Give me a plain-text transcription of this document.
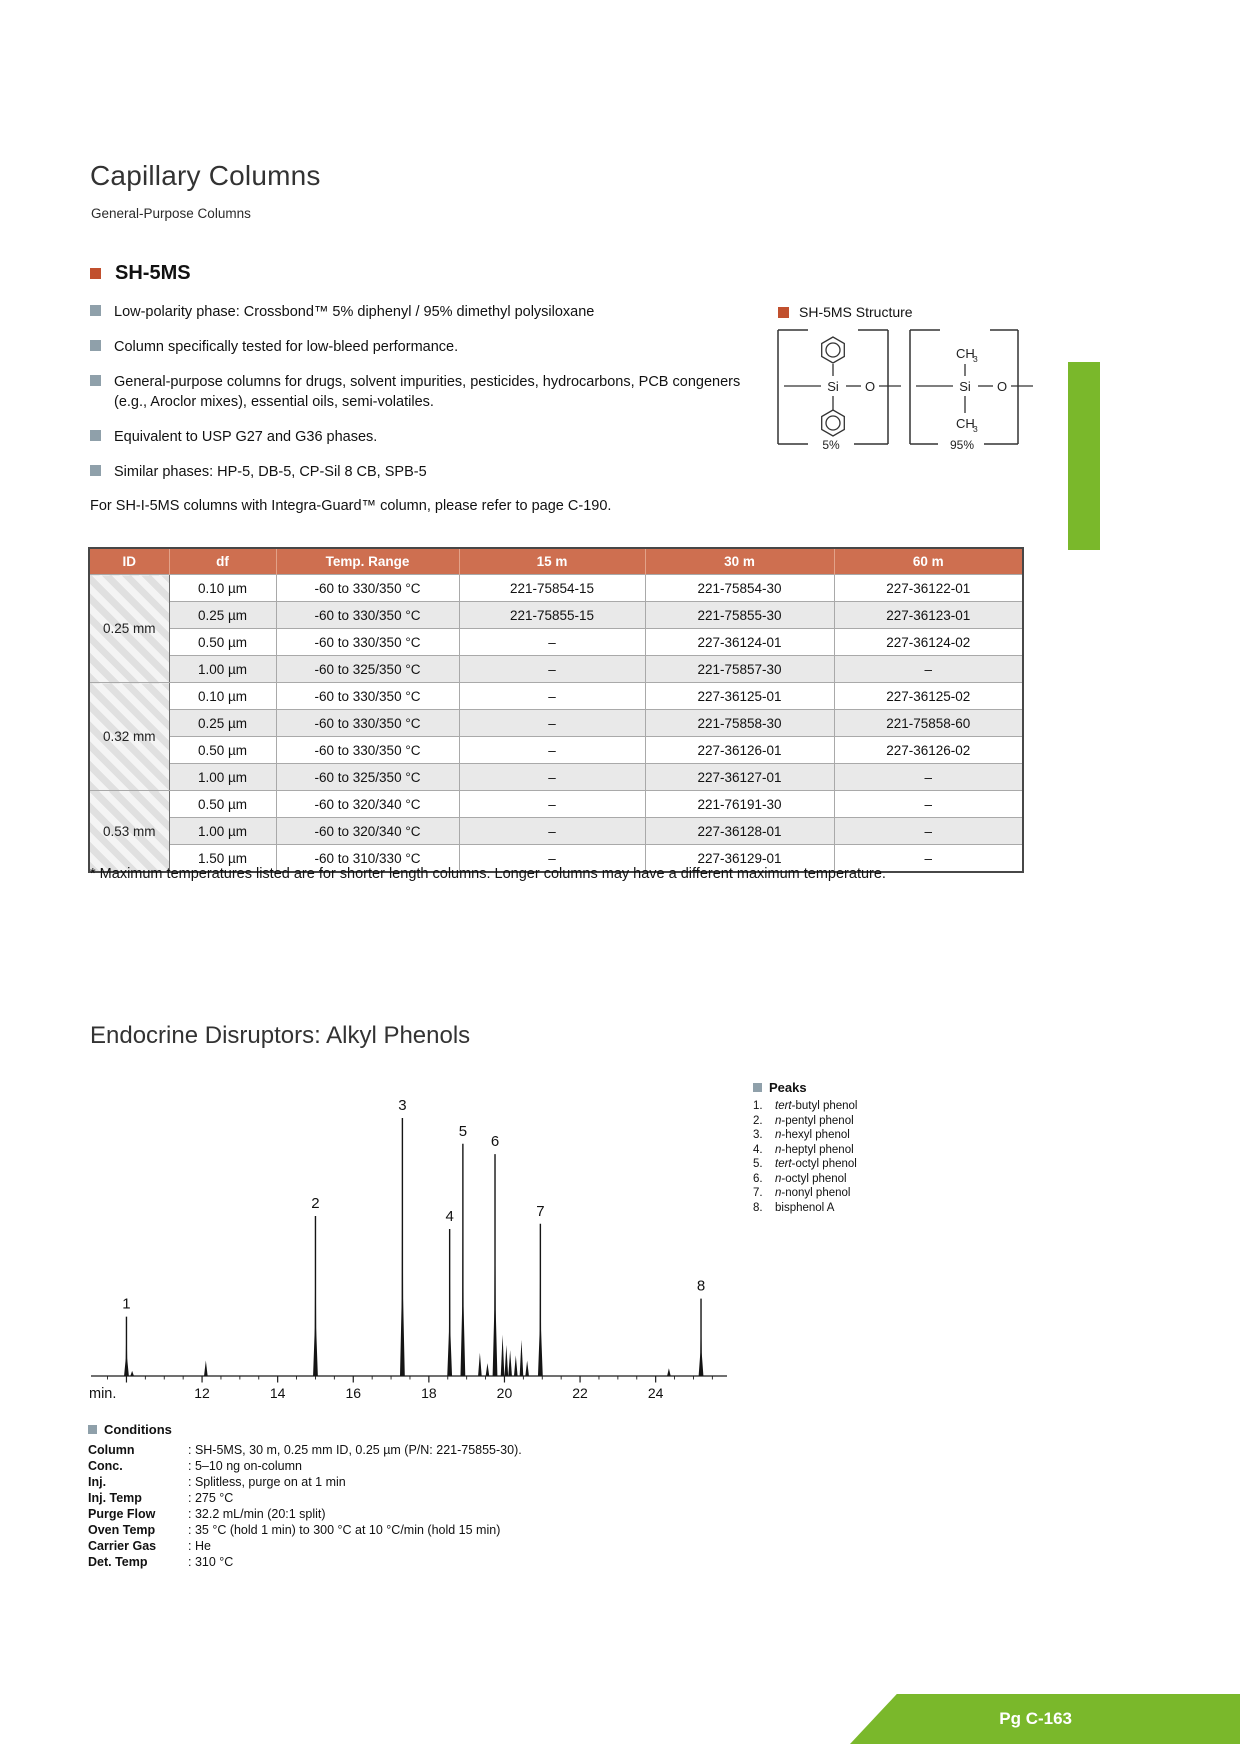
Capillary Columns
General-Purpose Columns
SH-5MS
Low-polarity phase: Crossbond™ 5% diphenyl / 95% dimethyl polysiloxane
Column specifically tested for low-bleed performance.
General-purpose columns for drugs, solvent impurities, pesticides, hydrocarbons, PCB congeners (e.g., Aroclor mixes), essential oils, semi-volatiles.
Equivalent to USP G27 and G36 phases.
Similar phases: HP-5, DB-5, CP-Sil 8 CB, SPB-5
For SH-I-5MS columns with Integra-Guard™ column, please refer to page C-190.
SH-5MS Structure
Si O
5%
CH
3
Si O
CH
3
95%
ID	df	Temp. Range	15 m	30 m	60 m
0.25 mm	0.10 µm	-60 to 330/350 °C	221-75854-15	221-75854-30	227-36122-01
	0.25 µm	-60 to 330/350 °C	221-75855-15	221-75855-30	227-36123-01
	0.50 µm	-60 to 330/350 °C	–	227-36124-01	227-36124-02
	1.00 µm	-60 to 325/350 °C	–	221-75857-30	–
0.32 mm	0.10 µm	-60 to 330/350 °C	–	227-36125-01	227-36125-02
	0.25 µm	-60 to 330/350 °C	–	221-75858-30	221-75858-60
	0.50 µm	-60 to 330/350 °C	–	227-36126-01	227-36126-02
	1.00 µm	-60 to 325/350 °C	–	227-36127-01	–
0.53 mm	0.50 µm	-60 to 320/340 °C	–	221-76191-30	–
	1.00 µm	-60 to 320/340 °C	–	227-36128-01	–
	1.50 µm	-60 to 310/330 °C	–	227-36129-01	–
* Maximum temperatures listed are for shorter length columns. Longer columns may have a different maximum temperature.
Endocrine Disruptors: Alkyl Phenols
12	14	16	18	20	22	24
min.
1
2
3
4
5
6
7
8
Peaks
1.	tert -butyl phenol
2.	n -pentyl phenol
3.	n -hexyl phenol
4.	n -heptyl phenol
5.	tert -octyl phenol
6.	n -octyl phenol
7.	n -nonyl phenol
8.	bisphenol A
Conditions
Column	: SH-5MS, 30 m, 0.25 mm ID, 0.25 µm (P/N: 221-75855-30).
Conc.	: 5–10 ng on-column
Inj.	: Splitless, purge on at 1 min
Inj. Temp	: 275 °C
Purge Flow	: 32.2 mL/min (20:1 split)
Oven Temp	: 35 °C (hold 1 min) to 300 °C at 10 °C/min (hold 15 min)
Carrier Gas	: He
Det. Temp	: 310 °C
Pg C-163
